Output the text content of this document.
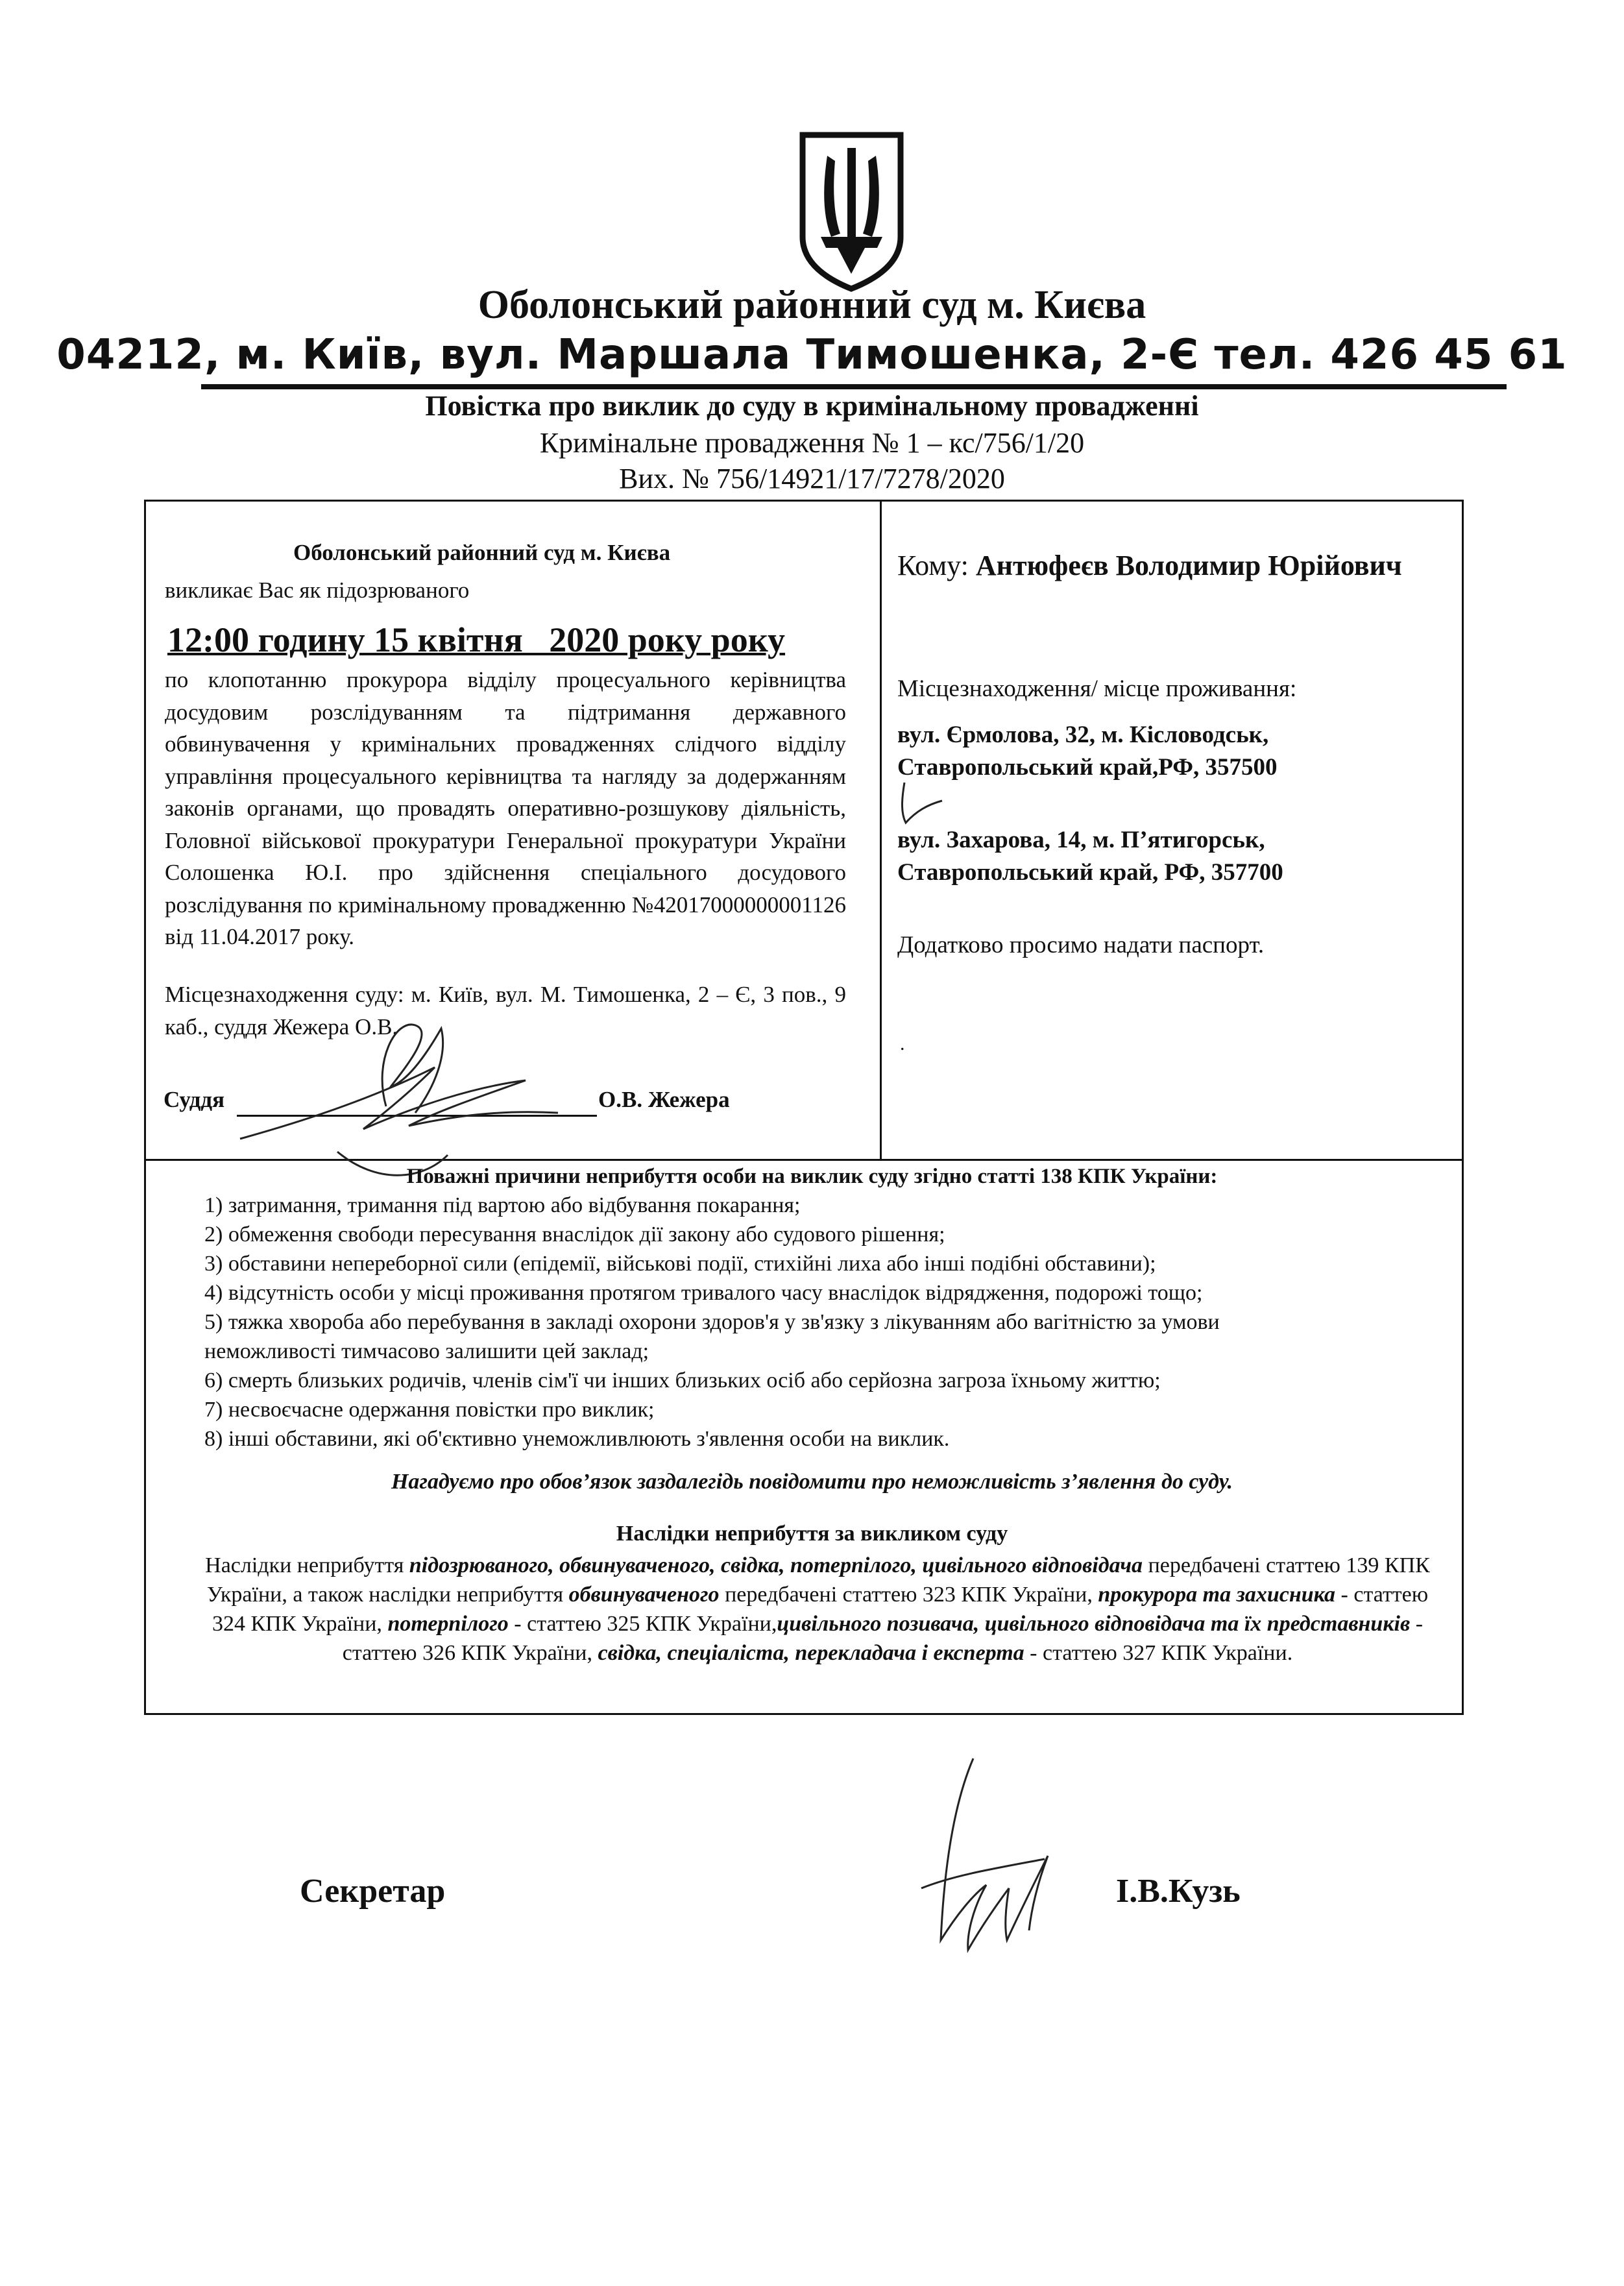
Оболонський районний суд м. Києва
04212, м. Київ, вул. Маршала Тимошенка, 2-Є тел. 426 45 61
Повістка про виклик до суду в кримінальному провадженні
Кримінальне провадження № 1 – кс/756/1/20
Вих. № 756/14921/17/7278/2020
Оболонський районний суд м. Києва
викликає Вас як підозрюваного
12:00 годину 15 квітня   2020 року року
по клопотанню прокурора відділу процесуального керівництва досудовим розслідуванням та підтримання державного обвинувачення у кримінальних провадженнях слідчого відділу управління процесуального керівництва та нагляду за додержанням законів органами, що провадять оперативно-розшукову діяльність, Головної військової прокуратури Генеральної прокуратури України Солошенка Ю.І. про здійснення спеціального досудового розслідування по кримінальному провадженню №42017000000001126 від 11.04.2017 року.
Місцезнаходження суду: м. Київ, вул. М. Тимошенка, 2 – Є, 3 пов., 9 каб., суддя Жежера О.В.
Суддя	О.В. Жежера
Кому: Антюфеєв Володимир Юрійович
Місцезнаходження/ місце проживання:
вул. Єрмолова, 32, м. Кісловодськ,
Ставропольський край,РФ, 357500
вул. Захарова, 14, м. П’ятигорськ,
Ставропольський край, РФ, 357700
Додатково просимо надати паспорт.
.
Поважні причини неприбуття особи на виклик суду згідно статті 138 КПК України:
1) затримання, тримання під вартою або відбування покарання;
2) обмеження свободи пересування внаслідок дії закону або судового рішення;
3) обставини непереборної сили (епідемії, військові події, стихійні лиха або інші подібні обставини);
4) відсутність особи у місці проживання протягом тривалого часу внаслідок відрядження, подорожі тощо;
5) тяжка хвороба або перебування в закладі охорони здоров'я у зв'язку з лікуванням або вагітністю за умови
неможливості тимчасово залишити цей заклад;
6) смерть близьких родичів, членів сім'ї чи інших близьких осіб або серйозна загроза їхньому життю;
7) несвоєчасне одержання повістки про виклик;
8) інші обставини, які об'єктивно унеможливлюють з'явлення особи на виклик.
Нагадуємо про обов’язок заздалегідь повідомити про неможливість з’явлення до суду.
Наслідки неприбуття за викликом суду
Наслідки неприбуття підозрюваного, обвинуваченого, свідка, потерпілого, цивільного відповідача передбачені статтею 139 КПК України, а також наслідки неприбуття обвинуваченого передбачені статтею 323 КПК України, прокурора та захисника - статтею 324 КПК України, потерпілого - статтею 325 КПК України,цивільного позивача, цивільного відповідача та їх представників - статтею 326 КПК України, свідка, спеціаліста, перекладача і експерта - статтею 327 КПК України.
Секретар	І.В.Кузь
